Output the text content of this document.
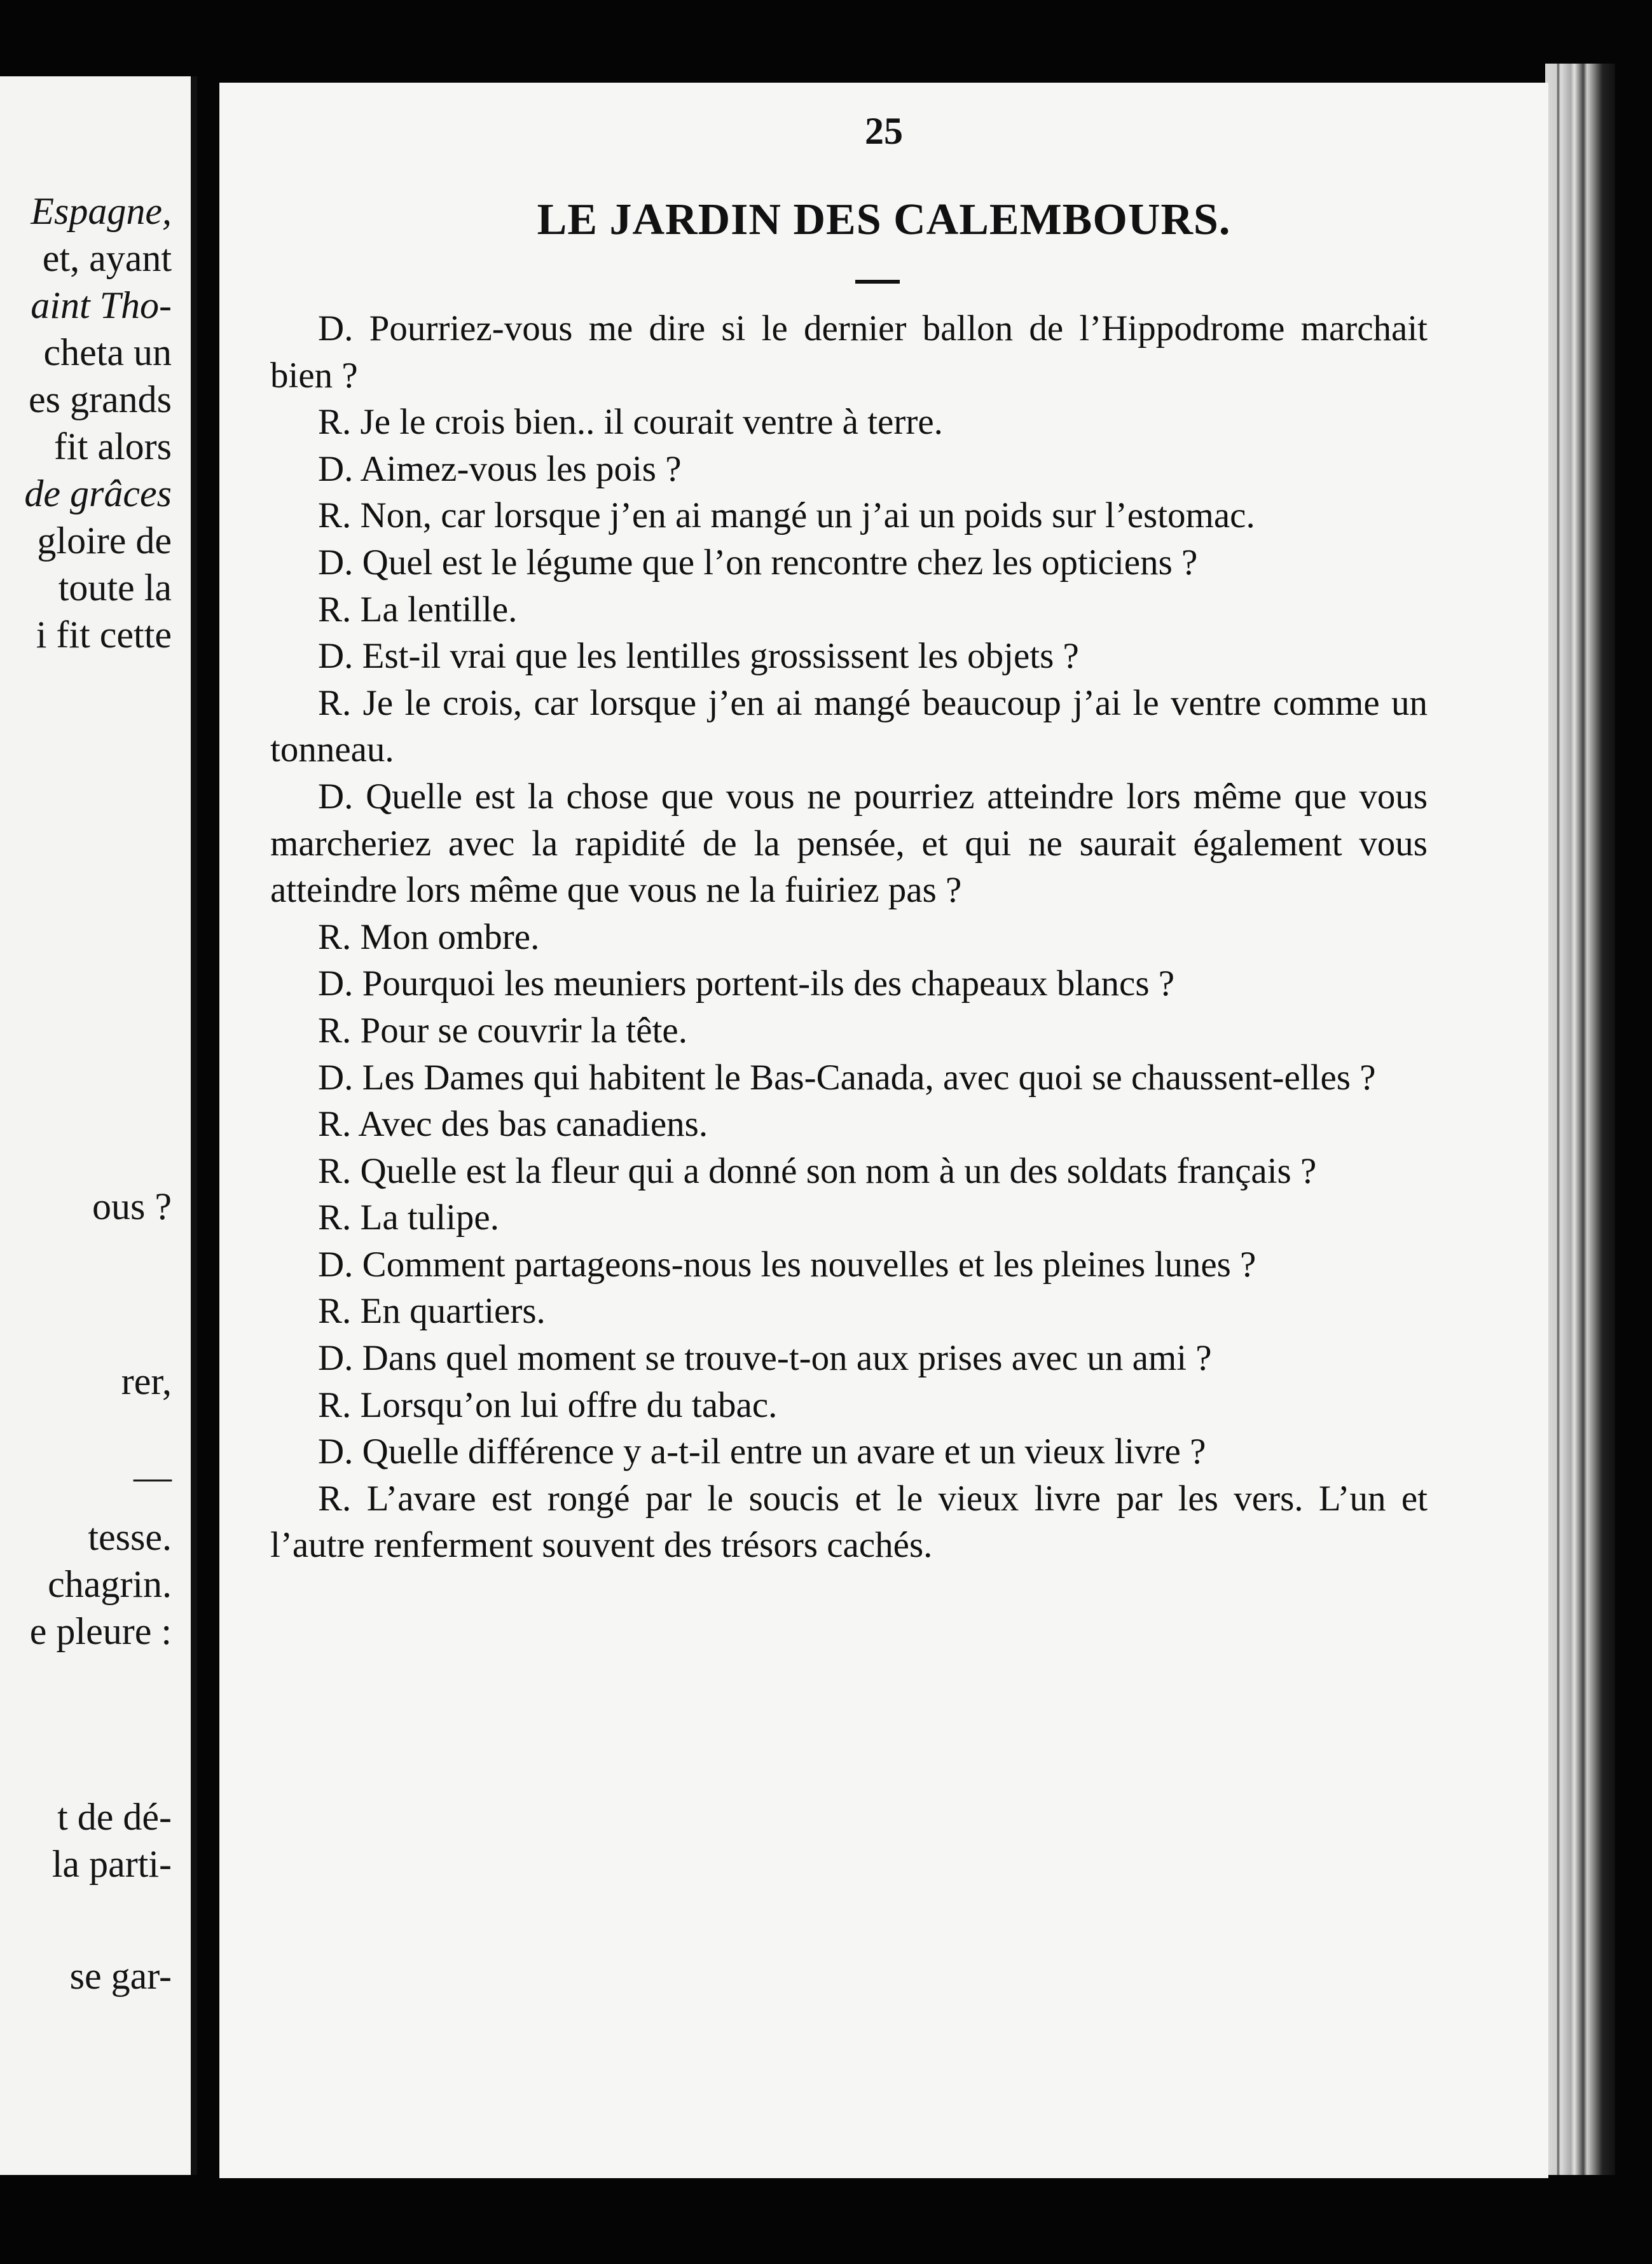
Espagne,
et, ayant
aint Tho-
cheta un
es grands
fit alors
de grâces
gloire de
toute la
i fit cette
ous ?
rer,
—
tesse.
chagrin.
e pleure :
t de dé-
la parti-
se gar-
25
LE JARDIN DES CALEMBOURS.

D. Pourriez-vous me dire si le dernier ballon de l’Hippodrome marchait bien ?

R. Je le crois bien.. il courait ventre à terre.

D. Aimez-vous les pois ?

R. Non, car lorsque j’en ai mangé un j’ai un poids sur l’estomac.

D. Quel est le légume que l’on rencontre chez les opticiens ?

R. La lentille.

D. Est-il vrai que les lentilles grossissent les objets ?

R. Je le crois, car lorsque j’en ai mangé beaucoup j’ai le ventre comme un tonneau.

D. Quelle est la chose que vous ne pourriez atteindre lors même que vous marcheriez avec la rapidité de la pensée, et qui ne saurait également vous atteindre lors même que vous ne la fuiriez pas ?

R. Mon ombre.

D. Pourquoi les meuniers portent-ils des chapeaux blancs ?

R. Pour se couvrir la tête.

D. Les Dames qui habitent le Bas-Canada, avec quoi se chaussent-elles ?

R. Avec des bas canadiens.

R. Quelle est la fleur qui a donné son nom à un des soldats français ?

R. La tulipe.

D. Comment partageons-nous les nouvelles et les pleines lunes ?

R. En quartiers.

D. Dans quel moment se trouve-t-on aux prises avec un ami ?

R. Lorsqu’on lui offre du tabac.

D. Quelle différence y a-t-il entre un avare et un vieux livre ?

R. L’avare est rongé par le soucis et le vieux livre par les vers. L’un et l’autre renferment souvent des trésors cachés.
